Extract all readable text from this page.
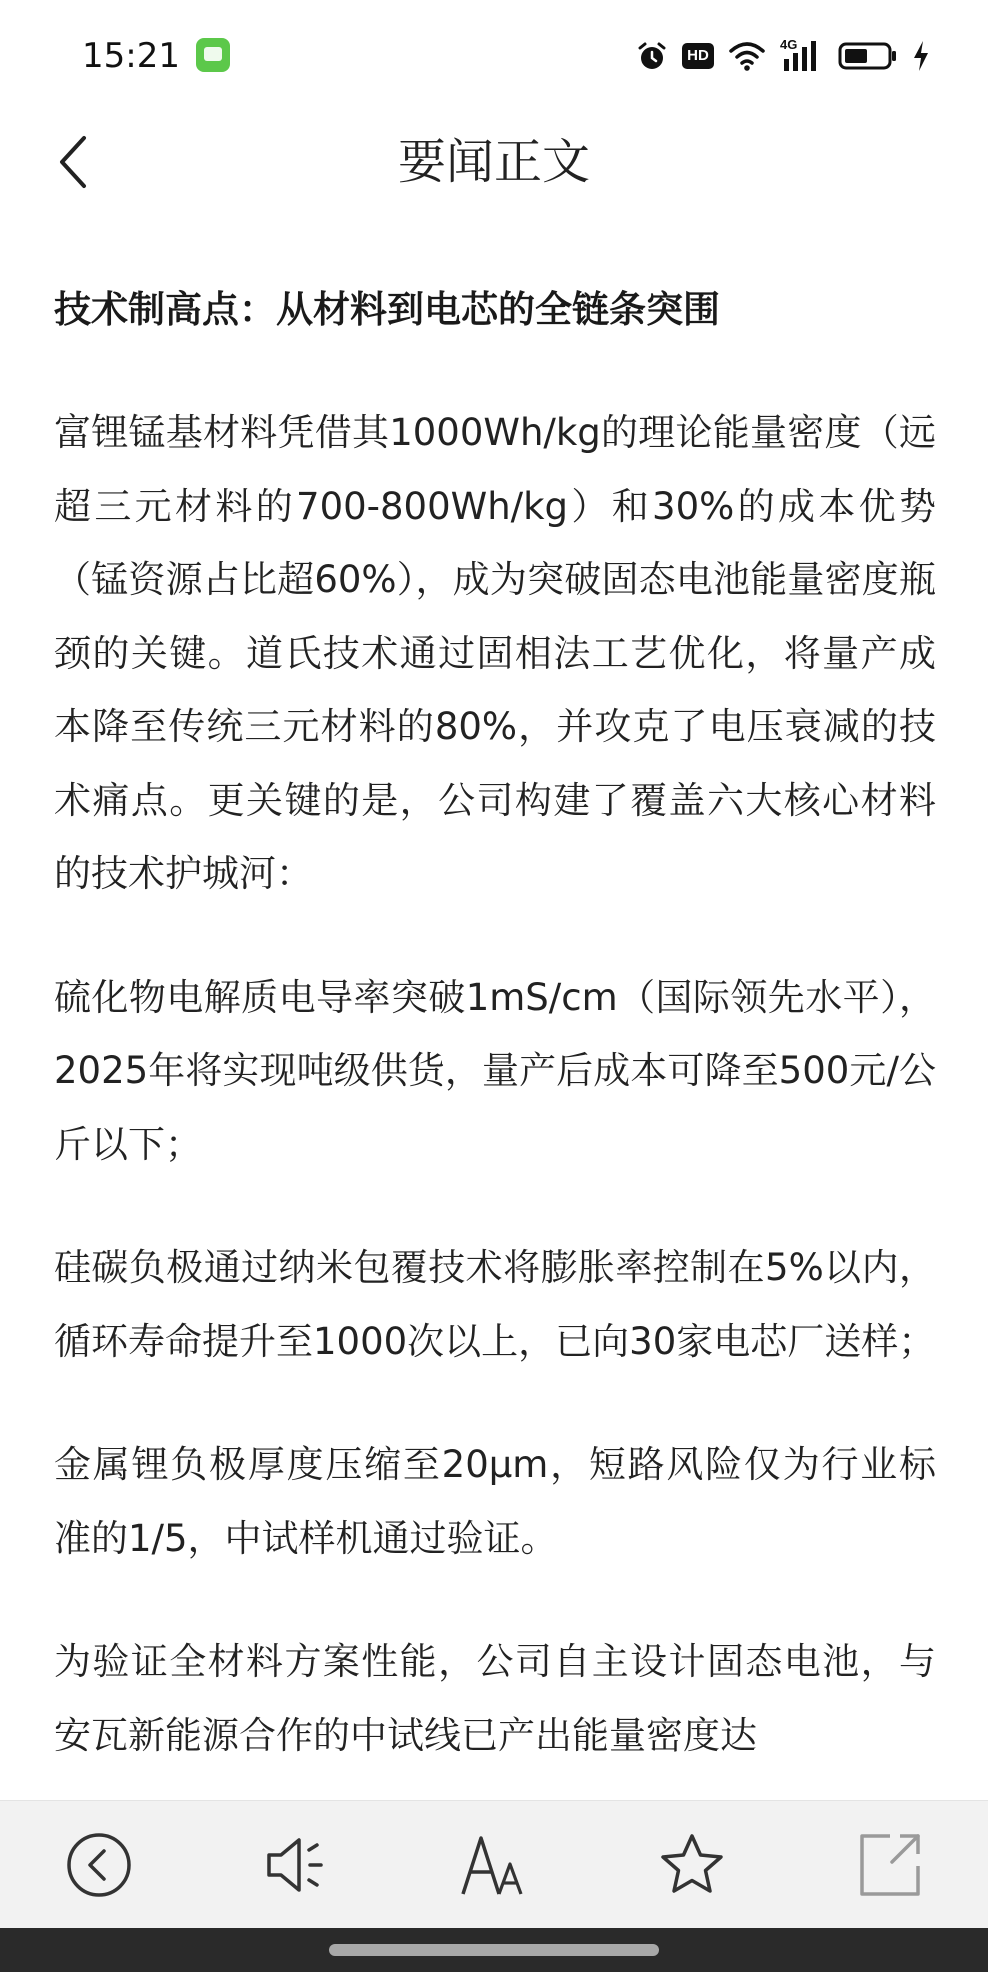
15:21	HD
4G
要闻正文
技术制高点：从材料到电芯的全链条突围

富锂锰基材料凭借其1000Wh/kg的理论能量密度（远超三元材料的700-800Wh/kg）和30%的成本优势（锰资源占比超60%），成为突破固态电池能量密度瓶颈的关键。道氏技术通过固相法工艺优化，将量产成本降至传统三元材料的80%，并攻克了电压衰减的技术痛点。更关键的是，公司构建了覆盖六大核心材料的技术护城河：

硫化物电解质电导率突破1mS/cm（国际领先水平），2025年将实现吨级供货，量产后成本可降至500元/公斤以下；

硅碳负极通过纳米包覆技术将膨胀率控制在5%以内，循环寿命提升至1000次以上，已向30家电芯厂送样；

金属锂负极厚度压缩至20μm，短路风险仅为行业标准的1/5，中试样机通过验证。

为验证全材料方案性能，公司自主设计固态电池，与安瓦新能源合作的中试线已产出能量密度达
